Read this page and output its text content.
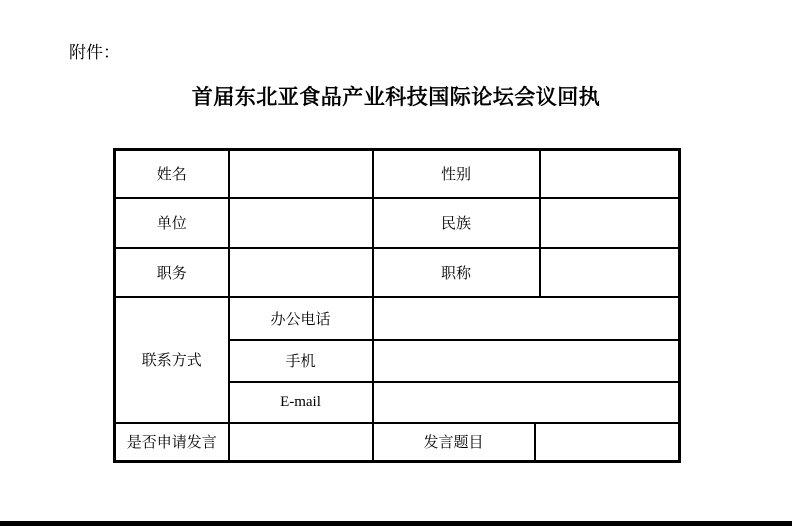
附件：
首届东北亚食品产业科技国际论坛会议回执
姓名		性别		
单位		民族		
职务		职称		
联系方式	办公电话			
	手机			
	E-mail			
是否申请发言		发言题目		
